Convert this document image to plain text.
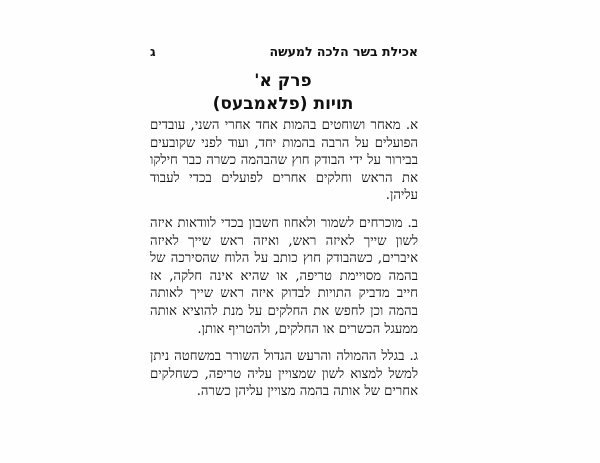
אכילת בשר הלכה למעשה
ג
פרק א'
תויות (פלאמבעס)

א. מאחר ושוחטים בהמות אחד אחרי השני, עובדים הפועלים על הרבה בהמות יחד, ועוד לפני שקובעים בבירור על ידי הבודק חוץ שהבהמה כשרה כבר חילקו את הראש וחלקים אחרים לפועלים בכדי לעבוד עליהן.

ב. מוכרחים לשמור ולאחוז חשבון בכדי לוודאות איזה לשון שייך לאיזה ראש, ואיזה ראש שייך לאיזה איברים, כשהבודק חוץ כותב על הלוח שהסירכה של בהמה מסויימת טריפה, או שהיא אינה חלקה, אז חייב מדביק התויות לבדוק איזה ראש שייך לאותה בהמה וכן לחפש את החלקים על מנת להוציא אותה ממעגל הכשרים או החלקים, ולהטריף אותן.

ג. בגלל ההמולה והרעש הגדול השורר במשחטה ניתן למשל למצוא לשון שמצויין עליה טריפה, כשחלקים אחרים של אותה בהמה מצויין עליהן כשרה.
